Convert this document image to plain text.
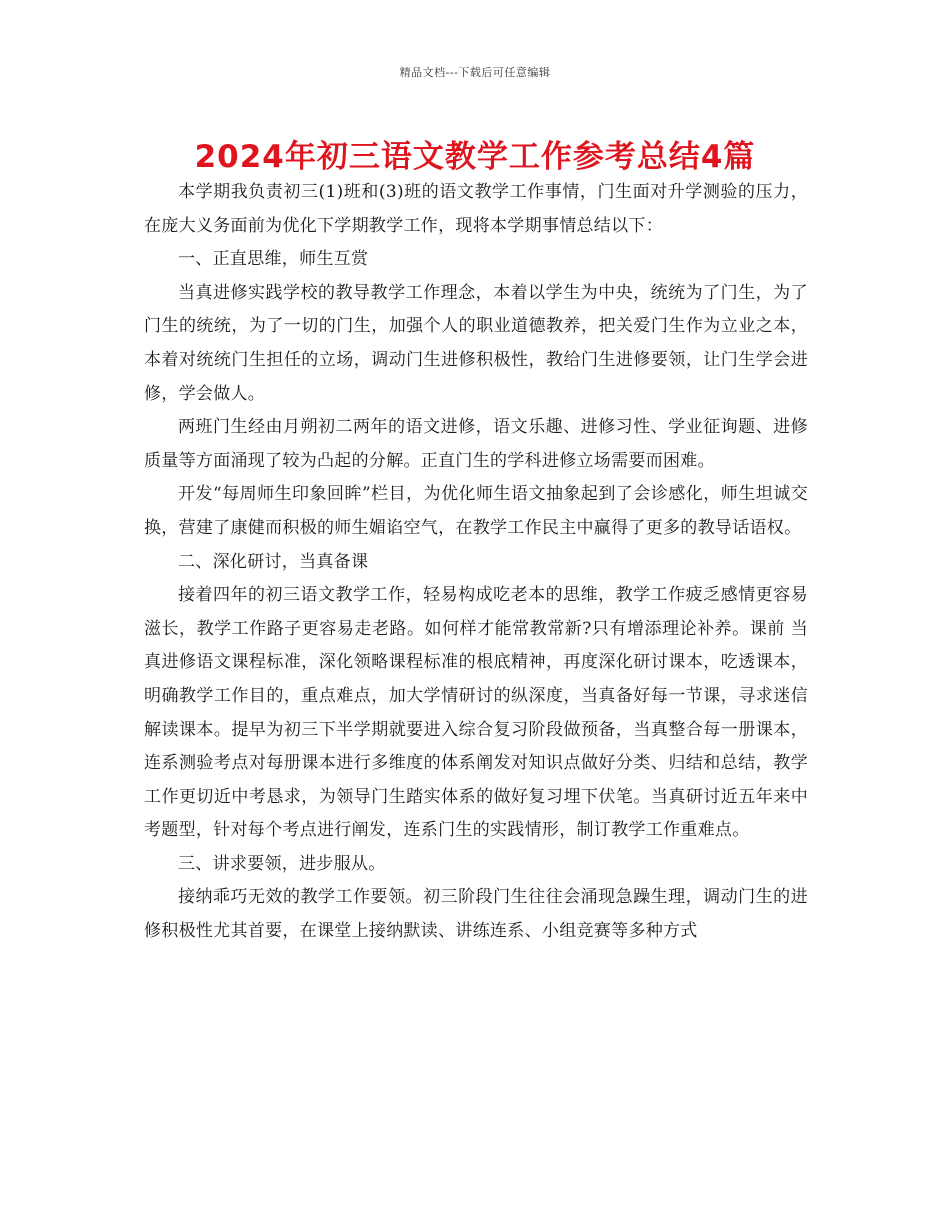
精品文档---下载后可任意编辑
2024年初三语文教学工作参考总结4篇

本学期我负责初三(1)班和(3)班的语文教学工作事情，门生面对升学测验的压力，在庞大义务面前为优化下学期教学工作，现将本学期事情总结以下：

一、正直思维，师生互赏

当真进修实践学校的教导教学工作理念，本着以学生为中央，统统为了门生，为了门生的统统，为了一切的门生，加强个人的职业道德教养，把关爱门生作为立业之本，本着对统统门生担任的立场，调动门生进修积极性，教给门生进修要领，让门生学会进修，学会做人。

两班门生经由月朔初二两年的语文进修，语文乐趣、进修习性、学业征询题、进修质量等方面涌现了较为凸起的分解。正直门生的学科进修立场需要而困难。

开发“每周师生印象回眸”栏目，为优化师生语文抽象起到了会诊感化，师生坦诚交换，营建了康健而积极的师生媚谄空气，在教学工作民主中赢得了更多的教导话语权。

二、深化研讨，当真备课

接着四年的初三语文教学工作，轻易构成吃老本的思维，教学工作疲乏感情更容易滋长，教学工作路子更容易走老路。如何样才能常教常新?只有增添理论补养。课前 当真进修语文课程标准，深化领略课程标准的根底精神，再度深化研讨课本，吃透课本，明确教学工作目的，重点难点，加大学情研讨的纵深度，当真备好每一节课，寻求迷信解读课本。提早为初三下半学期就要进入综合复习阶段做预备，当真整合每一册课本，连系测验考点对每册课本进行多维度的体系阐发对知识点做好分类、归结和总结，教学工作更切近中考恳求，为领导门生踏实体系的做好复习埋下伏笔。当真研讨近五年来中考题型，针对每个考点进行阐发，连系门生的实践情形，制订教学工作重难点。

三、讲求要领，进步服从。

接纳乖巧无效的教学工作要领。初三阶段门生往往会涌现急躁生理，调动门生的进修积极性尤其首要，在课堂上接纳默读、讲练连系、小组竞赛等多种方式
